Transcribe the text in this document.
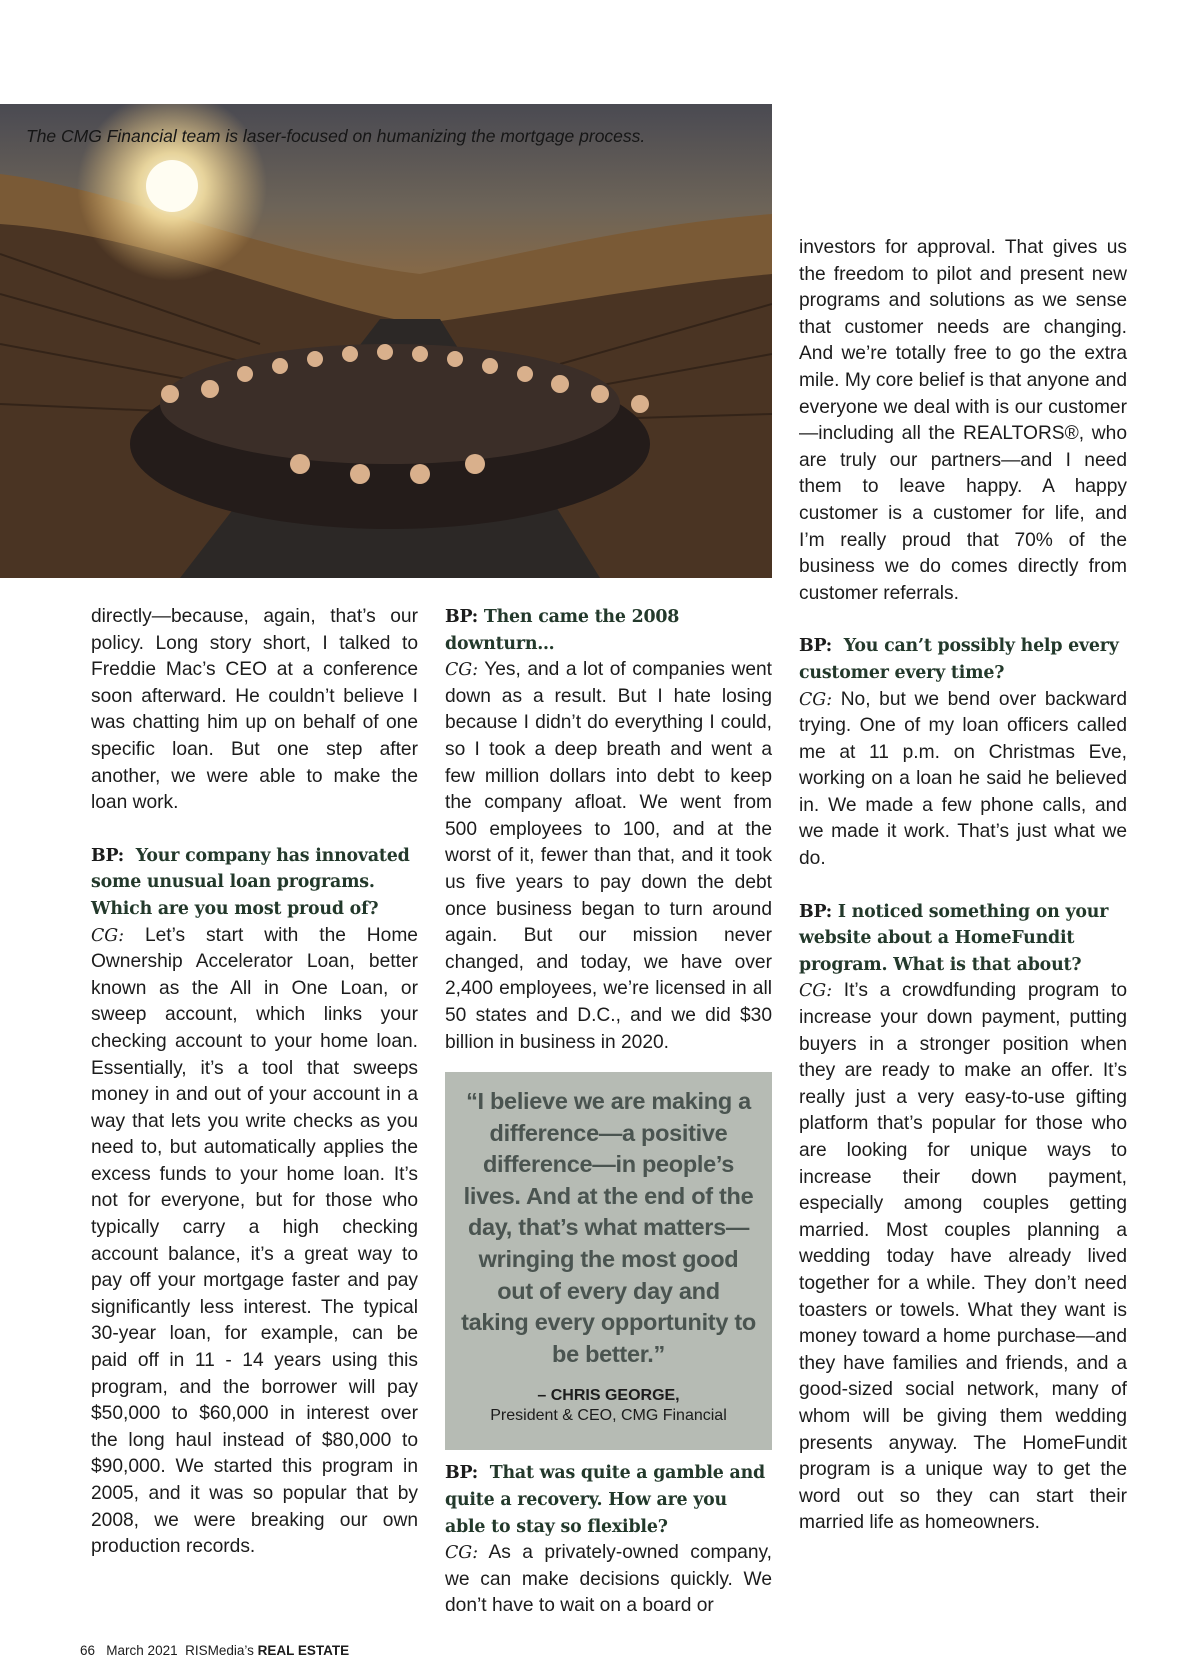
The CMG Financial team is laser-focused on humanizing the mortgage process.

directly—because, again, that’s our policy. Long story short, I talked to Freddie Mac’s CEO at a conference soon afterward. He couldn’t believe I was chatting him up on behalf of one specific loan. But one step after another, we were able to make the loan work.

BP: Your company has innovated some unusual loan programs. Which are you most proud of?

CG: Let’s start with the Home Ownership Accelerator Loan, better known as the All in One Loan, or sweep account, which links your checking account to your home loan. Essentially, it’s a tool that sweeps money in and out of your account in a way that lets you write checks as you need to, but automatically applies the excess funds to your home loan. It’s not for everyone, but for those who typically carry a high checking account balance, it’s a great way to pay off your mortgage faster and pay significantly less interest. The typical 30-year loan, for example, can be paid off in 11 - 14 years using this program, and the borrower will pay $50,000 to $60,000 in interest over the long haul instead of $80,000 to $90,000. We started this program in 2005, and it was so popular that by 2008, we were breaking our own production records.

BP: Then came the 2008 downturn…

CG: Yes, and a lot of companies went down as a result. But I hate losing because I didn’t do everything I could, so I took a deep breath and went a few million dollars into debt to keep the company afloat. We went from 500 employees to 100, and at the worst of it, fewer than that, and it took us five years to pay down the debt once business began to turn around again. But our mission never changed, and today, we have over 2,400 employees, we’re licensed in all 50 states and D.C., and we did $30 billion in business in 2020.

“I believe we are making a difference—a positive difference—in people’s lives. And at the end of the day, that’s what matters—wringing the most good out of every day and taking every opportunity to be better.”
– CHRIS GEORGE,
President & CEO, CMG Financial

BP: That was quite a gamble and quite a recovery. How are you able to stay so flexible?

CG: As a privately-owned company, we can make decisions quickly. We don’t have to wait on a board or

investors for approval. That gives us the freedom to pilot and present new programs and solutions as we sense that customer needs are changing. And we’re totally free to go the extra mile. My core belief is that anyone and everyone we deal with is our customer—including all the REALTORS®, who are truly our partners—and I need them to leave happy. A happy customer is a customer for life, and I’m really proud that 70% of the business we do comes directly from customer referrals.

BP: You can’t possibly help every customer every time?

CG: No, but we bend over backward trying. One of my loan officers called me at 11 p.m. on Christmas Eve, working on a loan he said he believed in. We made a few phone calls, and we made it work. That’s just what we do.

BP: I noticed something on your website about a HomeFundit program. What is that about?

CG: It’s a crowdfunding program to increase your down payment, putting buyers in a stronger position when they are ready to make an offer. It’s really just a very easy-to-use gifting platform that’s popular for those who are looking for unique ways to increase their down payment, especially among couples getting married. Most couples planning a wedding today have already lived together for a while. They don’t need toasters or towels. What they want is money toward a home purchase—and they have families and friends, and a good-sized social network, many of whom will be giving them wedding presents anyway. The HomeFundit program is a unique way to get the word out so they can start their married life as homeowners.

66 March 2021 RISMedia’s REAL ESTATE
